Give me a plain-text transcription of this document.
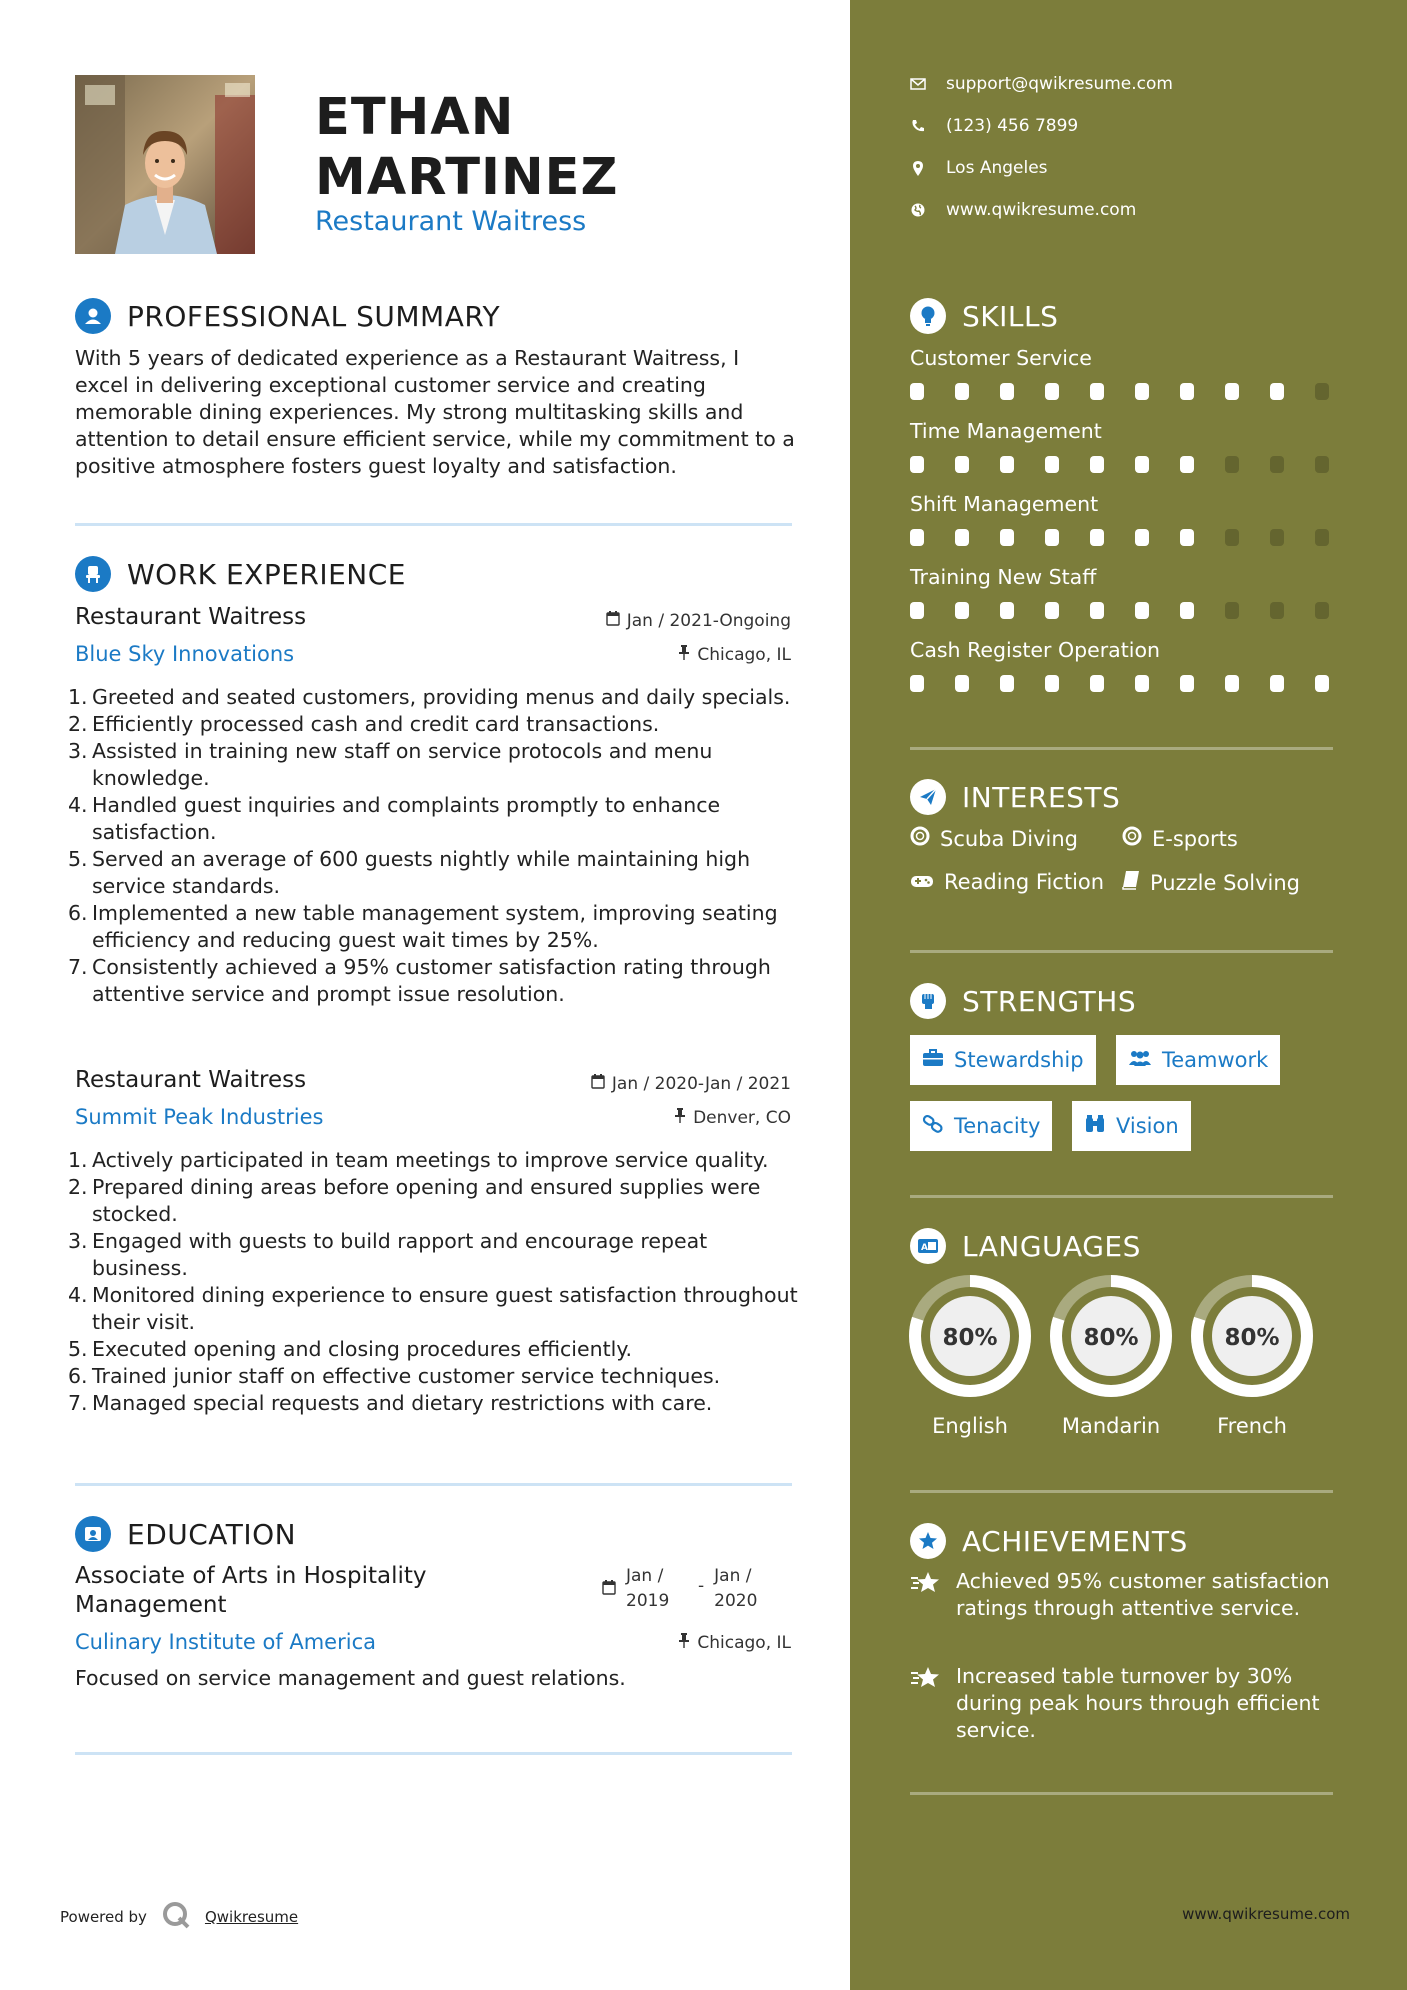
ETHAN
MARTINEZ
Restaurant Waitress
PROFESSIONAL SUMMARY
With 5 years of dedicated experience as a Restaurant Waitress, I excel in delivering exceptional customer service and creating memorable dining experiences. My strong multitasking skills and attention to detail ensure efficient service, while my commitment to a positive atmosphere fosters guest loyalty and satisfaction.
WORK EXPERIENCE
Restaurant Waitress
Blue Sky Innovations
Jan / 2021-Ongoing
Chicago, IL
1. Greeted and seated customers, providing menus and daily specials.
2. Efficiently processed cash and credit card transactions.
3. Assisted in training new staff on service protocols and menu knowledge.
4. Handled guest inquiries and complaints promptly to enhance satisfaction.
5. Served an average of 600 guests nightly while maintaining high service standards.
6. Implemented a new table management system, improving seating efficiency and reducing guest wait times by 25%.
7. Consistently achieved a 95% customer satisfaction rating through attentive service and prompt issue resolution.
Restaurant Waitress
Summit Peak Industries
Jan / 2020-Jan / 2021
Denver, CO
1. Actively participated in team meetings to improve service quality.
2. Prepared dining areas before opening and ensured supplies were stocked.
3. Engaged with guests to build rapport and encourage repeat business.
4. Monitored dining experience to ensure guest satisfaction throughout their visit.
5. Executed opening and closing procedures efficiently.
6. Trained junior staff on effective customer service techniques.
7. Managed special requests and dietary restrictions with care.
EDUCATION
Associate of Arts in Hospitality Management
Jan / 2019
- Jan / 2020
Culinary Institute of America	Chicago, IL
Focused on service management and guest relations.
Powered by	Qwikresume
support@qwikresume.com
(123) 456 7899
Los Angeles
www.qwikresume.com
SKILLS
Customer Service
Time Management
Shift Management
Training New Staff
Cash Register Operation
INTERESTS
Scuba Diving	E-sports
Reading Fiction Puzzle Solving
STRENGTHS
Stewardship	Teamwork
Tenacity	Vision
A LANGUAGES
80%
English
80%
Mandarin
80%
French
ACHIEVEMENTS
Achieved 95% customer satisfaction ratings through attentive service.
Increased table turnover by 30% during peak hours through efficient service.
www.qwikresume.com
